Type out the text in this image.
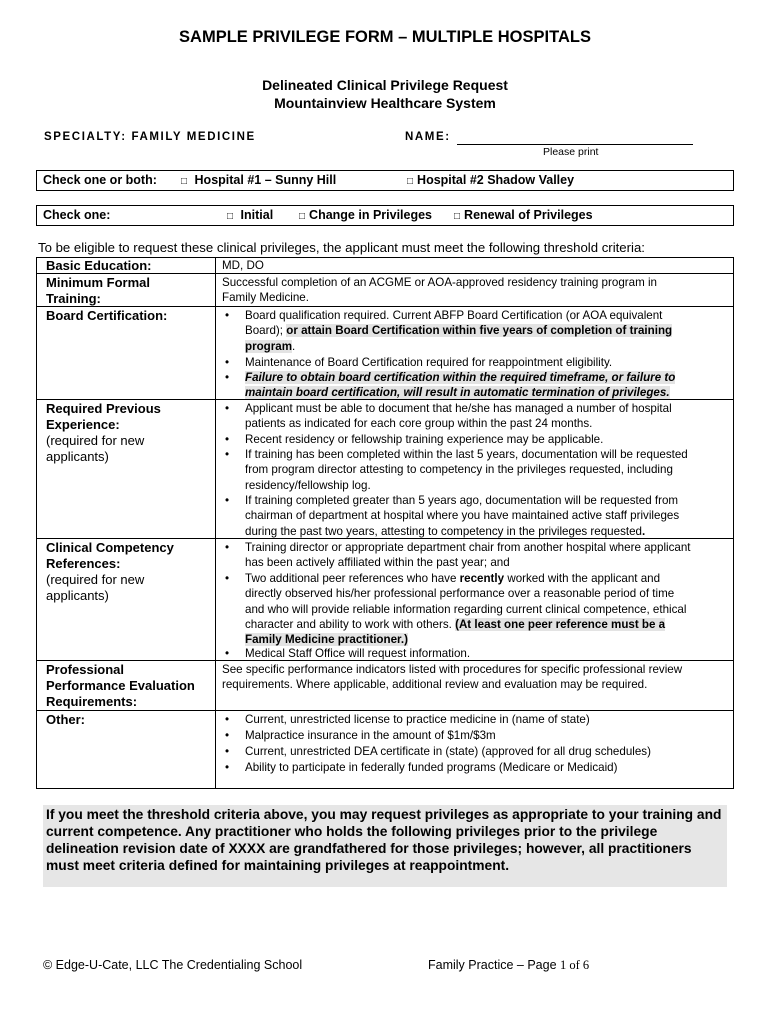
SAMPLE PRIVILEGE FORM – MULTIPLE HOSPITALS
Delineated Clinical Privilege Request
Mountainview Healthcare System
SPECIALTY: FAMILY MEDICINE	NAME:
Please print
Check one or both: □ Hospital #1 – Sunny Hill	□ Hospital #2 Shadow Valley
Check one:	□ Initial	□ Change in Privileges □ Renewal of Privileges
To be eligible to request these clinical privileges, the applicant must meet the following threshold criteria:
Basic Education:	MD, DO
Minimum Formal
Training:
Successful completion of an ACGME or AOA-approved residency training program in
Family Medicine.
Board Certification:	• Board qualification required. Current ABFP Board Certification (or AOA equivalent
Board); or attain Board Certification within five years of completion of training
program.
• Maintenance of Board Certification required for reappointment eligibility.
• Failure to obtain board certification within the required timeframe, or failure to
maintain board certification, will result in automatic termination of privileges.
Required Previous
Experience:
(required for new
applicants)
• Applicant must be able to document that he/she has managed a number of hospital
patients as indicated for each core group within the past 24 months.
• Recent residency or fellowship training experience may be applicable.
• If training has been completed within the last 5 years, documentation will be requested
from program director attesting to competency in the privileges requested, including
residency/fellowship log.
• If training completed greater than 5 years ago, documentation will be requested from
chairman of department at hospital where you have maintained active staff privileges
during the past two years, attesting to competency in the privileges requested.
Clinical Competency
References:
(required for new
applicants)
• Training director or appropriate department chair from another hospital where applicant
has been actively affiliated within the past year; and
• Two additional peer references who have recently worked with the applicant and
directly observed his/her professional performance over a reasonable period of time
and who will provide reliable information regarding current clinical competence, ethical
character and ability to work with others. (At least one peer reference must be a
Family Medicine practitioner.)
• Medical Staff Office will request information.
Professional
Performance Evaluation
Requirements:
See specific performance indicators listed with procedures for specific professional review
requirements. Where applicable, additional review and evaluation may be required.
Other:	• Current, unrestricted license to practice medicine in (name of state)
• Malpractice insurance in the amount of $1m/$3m
• Current, unrestricted DEA certificate in (state) (approved for all drug schedules)
• Ability to participate in federally funded programs (Medicare or Medicaid)
If you meet the threshold criteria above, you may request privileges as appropriate to your training and
current competence. Any practitioner who holds the following privileges prior to the privilege
delineation revision date of XXXX are grandfathered for those privileges; however, all practitioners
must meet criteria defined for maintaining privileges at reappointment.
© Edge-U-Cate, LLC The Credentialing School	Family Practice – Page 1 of 6
